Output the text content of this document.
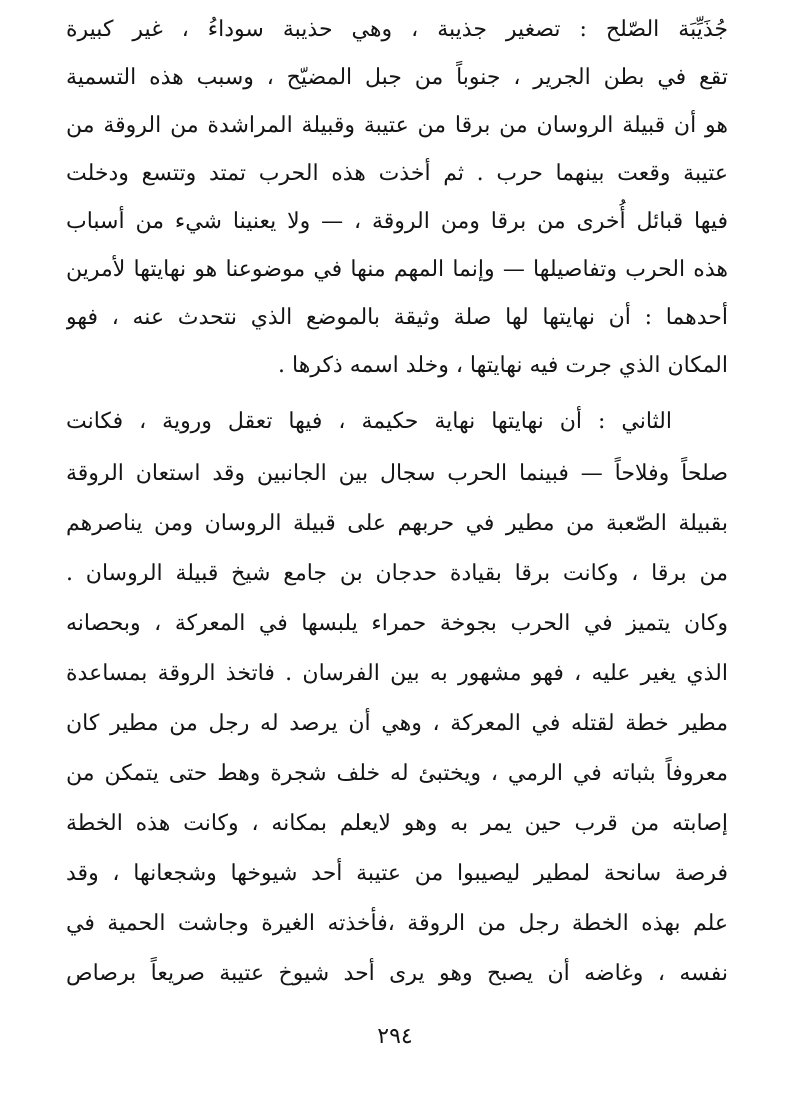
جُذَيِّبَة الصّلح : تصغير جذيبة ، وهي حذيبة سوداءُ ، غير كبيرة
تقع في بطن الجرير ، جنوباً من جبل المضيّح ، وسبب هذه التسمية
هو أن قبيلة الروسان من برقا من عتيبة وقبيلة المراشدة من الروقة من
عتيبة وقعت بينهما حرب . ثم أخذت هذه الحرب تمتد وتتسع ودخلت
فيها قبائل أُخرى من برقا ومن الروقة ، — ولا يعنينا شيء من أسباب
هذه الحرب وتفاصيلها — وإنما المهم منها في موضوعنا هو نهايتها لأمرين
أحدهما : أن نهايتها لها صلة وثيقة بالموضع الذي نتحدث عنه ، فهو
المكان الذي جرت فيه نهايتها ، وخلد اسمه ذكرها .
الثاني : أن نهايتها نهاية حكيمة ، فيها تعقل وروية ، فكانت
صلحاً وفلاحاً — فبينما الحرب سجال بين الجانبين وقد استعان الروقة
بقبيلة الصّعبة من مطير في حربهم على قبيلة الروسان ومن يناصرهم
من برقا ، وكانت برقا بقيادة حدجان بن جامع شيخ قبيلة الروسان .
وكان يتميز في الحرب بجوخة حمراء يلبسها في المعركة ، وبحصانه
الذي يغير عليه ، فهو مشهور به بين الفرسان . فاتخذ الروقة بمساعدة
مطير خطة لقتله في المعركة ، وهي أن يرصد له رجل من مطير كان
معروفاً بثباته في الرمي ، ويختبئ له خلف شجرة وهط حتى يتمكن من
إصابته من قرب حين يمر به وهو لايعلم بمكانه ، وكانت هذه الخطة
فرصة سانحة لمطير ليصيبوا من عتيبة أحد شيوخها وشجعانها ، وقد
علم بهذه الخطة رجل من الروقة ،فأخذته الغيرة وجاشت الحمية في
نفسه ، وغاضه أن يصبح وهو يرى أحد شيوخ عتيبة صريعاً برصاص
٢٩٤
